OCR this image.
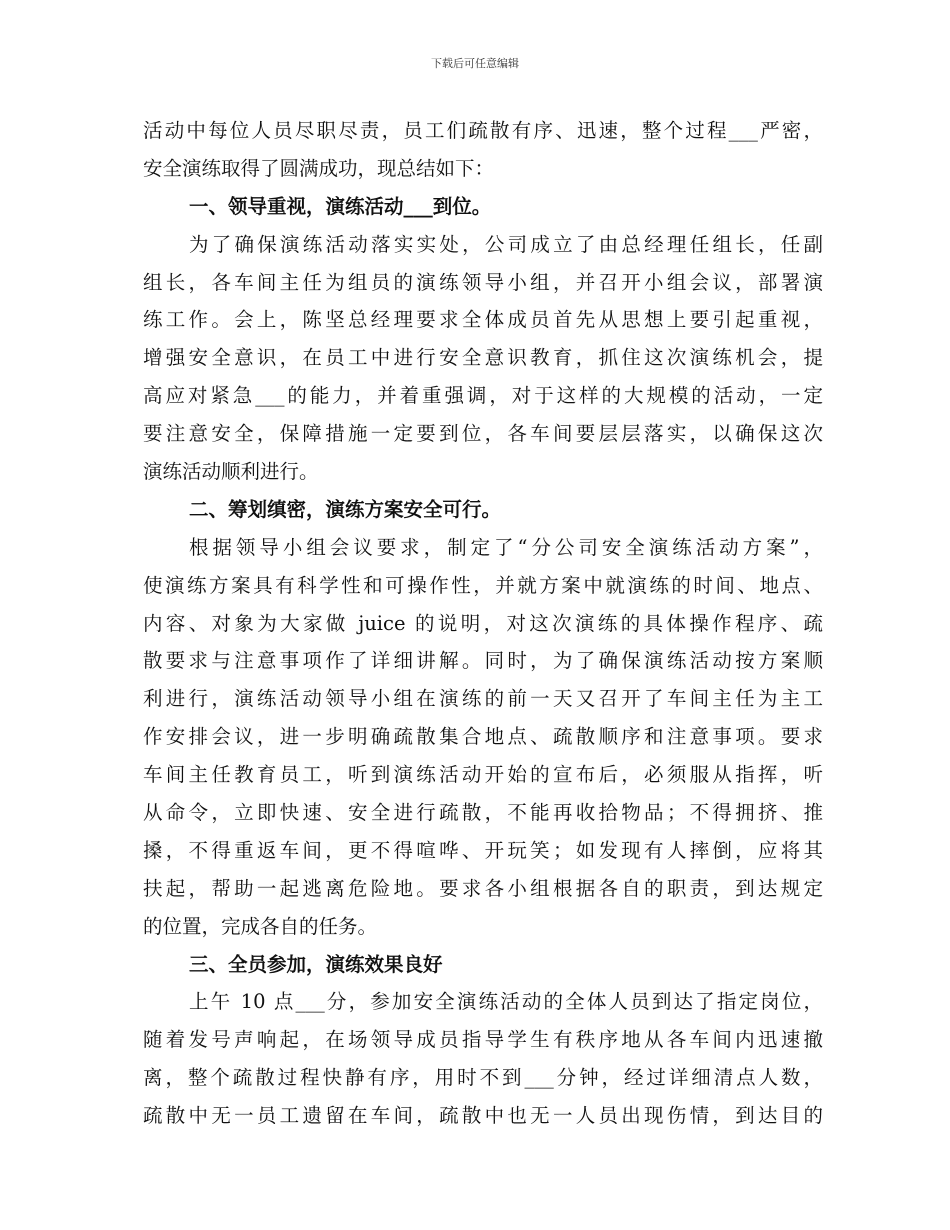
下载后可任意编辑
活动中每位人员尽职尽责，员工们疏散有序、迅速，整个过程___严密，
安全演练取得了圆满成功，现总结如下：
一、领导重视，演练活动___到位。
为了确保演练活动落实实处，公司成立了由总经理任组长，任副
组长，各车间主任为组员的演练领导小组，并召开小组会议，部署演
练工作。会上，陈坚总经理要求全体成员首先从思想上要引起重视，
增强安全意识，在员工中进行安全意识教育，抓住这次演练机会，提
高应对紧急___的能力，并着重强调，对于这样的大规模的活动，一定
要注意安全，保障措施一定要到位，各车间要层层落实，以确保这次
演练活动顺利进行。
二、筹划缜密，演练方案安全可行。
根据领导小组会议要求，制定了“分公司安全演练活动方案”，
使演练方案具有科学性和可操作性，并就方案中就演练的时间、地点、
内容、对象为大家做 juice 的说明，对这次演练的具体操作程序、疏
散要求与注意事项作了详细讲解。同时，为了确保演练活动按方案顺
利进行，演练活动领导小组在演练的前一天又召开了车间主任为主工
作安排会议，进一步明确疏散集合地点、疏散顺序和注意事项。要求
车间主任教育员工，听到演练活动开始的宣布后，必须服从指挥，听
从命令，立即快速、安全进行疏散，不能再收拾物品；不得拥挤、推
搡，不得重返车间，更不得喧哗、开玩笑；如发现有人摔倒，应将其
扶起，帮助一起逃离危险地。要求各小组根据各自的职责，到达规定
的位置，完成各自的任务。
三、全员参加，演练效果良好
上午 10 点___分，参加安全演练活动的全体人员到达了指定岗位，
随着发号声响起，在场领导成员指导学生有秩序地从各车间内迅速撤
离，整个疏散过程快静有序，用时不到___分钟，经过详细清点人数，
疏散中无一员工遗留在车间，疏散中也无一人员出现伤情，到达目的
